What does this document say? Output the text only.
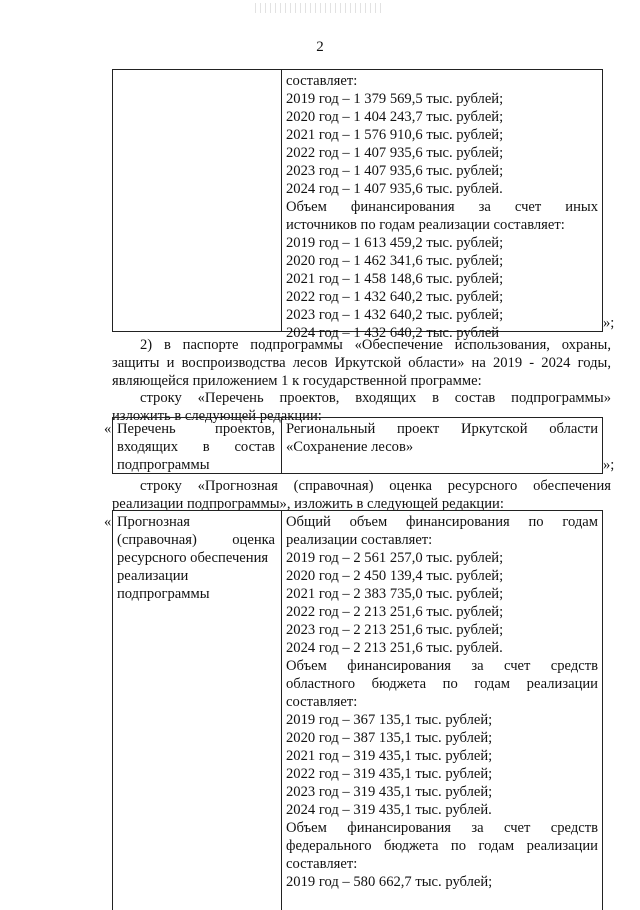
2
составляет:
2019 год – 1 379 569,5 тыс. рублей;
2020 год – 1 404 243,7 тыс. рублей;
2021 год – 1 576 910,6 тыс. рублей;
2022 год – 1 407 935,6 тыс. рублей;
2023 год – 1 407 935,6 тыс. рублей;
2024 год – 1 407 935,6 тыс. рублей.
Объем финансирования за счет иных
источников по годам реализации составляет:
2019 год – 1 613 459,2 тыс. рублей;
2020 год – 1 462 341,6 тыс. рублей;
2021 год – 1 458 148,6 тыс. рублей;
2022 год – 1 432 640,2 тыс. рублей;
2023 год – 1 432 640,2 тыс. рублей;
2024 год – 1 432 640,2 тыс. рублей
»;
2) в паспорте подпрограммы «Обеспечение использования, охраны,
защиты и воспроизводства лесов Иркутской области» на 2019 - 2024 годы,
являющейся приложением 1 к государственной программе:
строку «Перечень проектов, входящих в состав подпрограммы»
изложить в следующей редакции:
« Перечень проектов,
входящих в состав
подпрограммы
Региональный проект Иркутской области
«Сохранение лесов»
»;
строку «Прогнозная (справочная) оценка ресурсного обеспечения
реализации подпрограммы», изложить в следующей редакции:
« Прогнозная
(справочная) оценка
ресурсного обеспечения
реализации
подпрограммы
Общий объем финансирования по годам
реализации составляет:
2019 год – 2 561 257,0 тыс. рублей;
2020 год – 2 450 139,4 тыс. рублей;
2021 год – 2 383 735,0 тыс. рублей;
2022 год – 2 213 251,6 тыс. рублей;
2023 год – 2 213 251,6 тыс. рублей;
2024 год – 2 213 251,6 тыс. рублей.
Объем финансирования за счет средств
областного бюджета по годам реализации
составляет:
2019 год – 367 135,1 тыс. рублей;
2020 год – 387 135,1 тыс. рублей;
2021 год – 319 435,1 тыс. рублей;
2022 год – 319 435,1 тыс. рублей;
2023 год – 319 435,1 тыс. рублей;
2024 год – 319 435,1 тыс. рублей.
Объем финансирования за счет средств
федерального бюджета по годам реализации
составляет:
2019 год – 580 662,7 тыс. рублей;
